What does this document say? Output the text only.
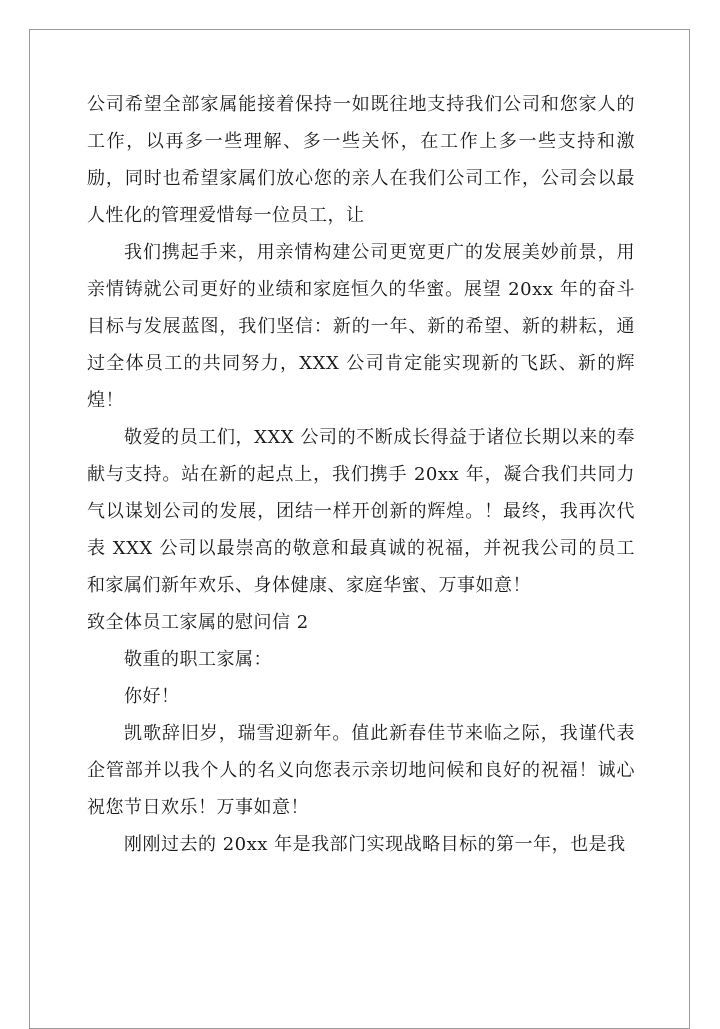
公司希望全部家属能接着保持一如既往地支持我们公司和您家人的工作，以再多一些理解、多一些关怀，在工作上多一些支持和激励，同时也希望家属们放心您的亲人在我们公司工作，公司会以最人性化的管理爱惜每一位员工，让

我们携起手来，用亲情构建公司更宽更广的发展美妙前景，用亲情铸就公司更好的业绩和家庭恒久的华蜜。展望 20xx 年的奋斗目标与发展蓝图，我们坚信：新的一年、新的希望、新的耕耘，通过全体员工的共同努力，XXX 公司肯定能实现新的飞跃、新的辉煌！

敬爱的员工们，XXX 公司的不断成长得益于诸位长期以来的奉献与支持。站在新的起点上，我们携手 20xx 年，凝合我们共同力气以谋划公司的发展，团结一样开创新的辉煌。！最终，我再次代表 XXX 公司以最崇高的敬意和最真诚的祝福，并祝我公司的员工和家属们新年欢乐、身体健康、家庭华蜜、万事如意！

致全体员工家属的慰问信 2

敬重的职工家属：

你好！

凯歌辞旧岁，瑞雪迎新年。值此新春佳节来临之际，我谨代表企管部并以我个人的名义向您表示亲切地问候和良好的祝福！诚心祝您节日欢乐！万事如意！

刚刚过去的 20xx 年是我部门实现战略目标的第一年，也是我
